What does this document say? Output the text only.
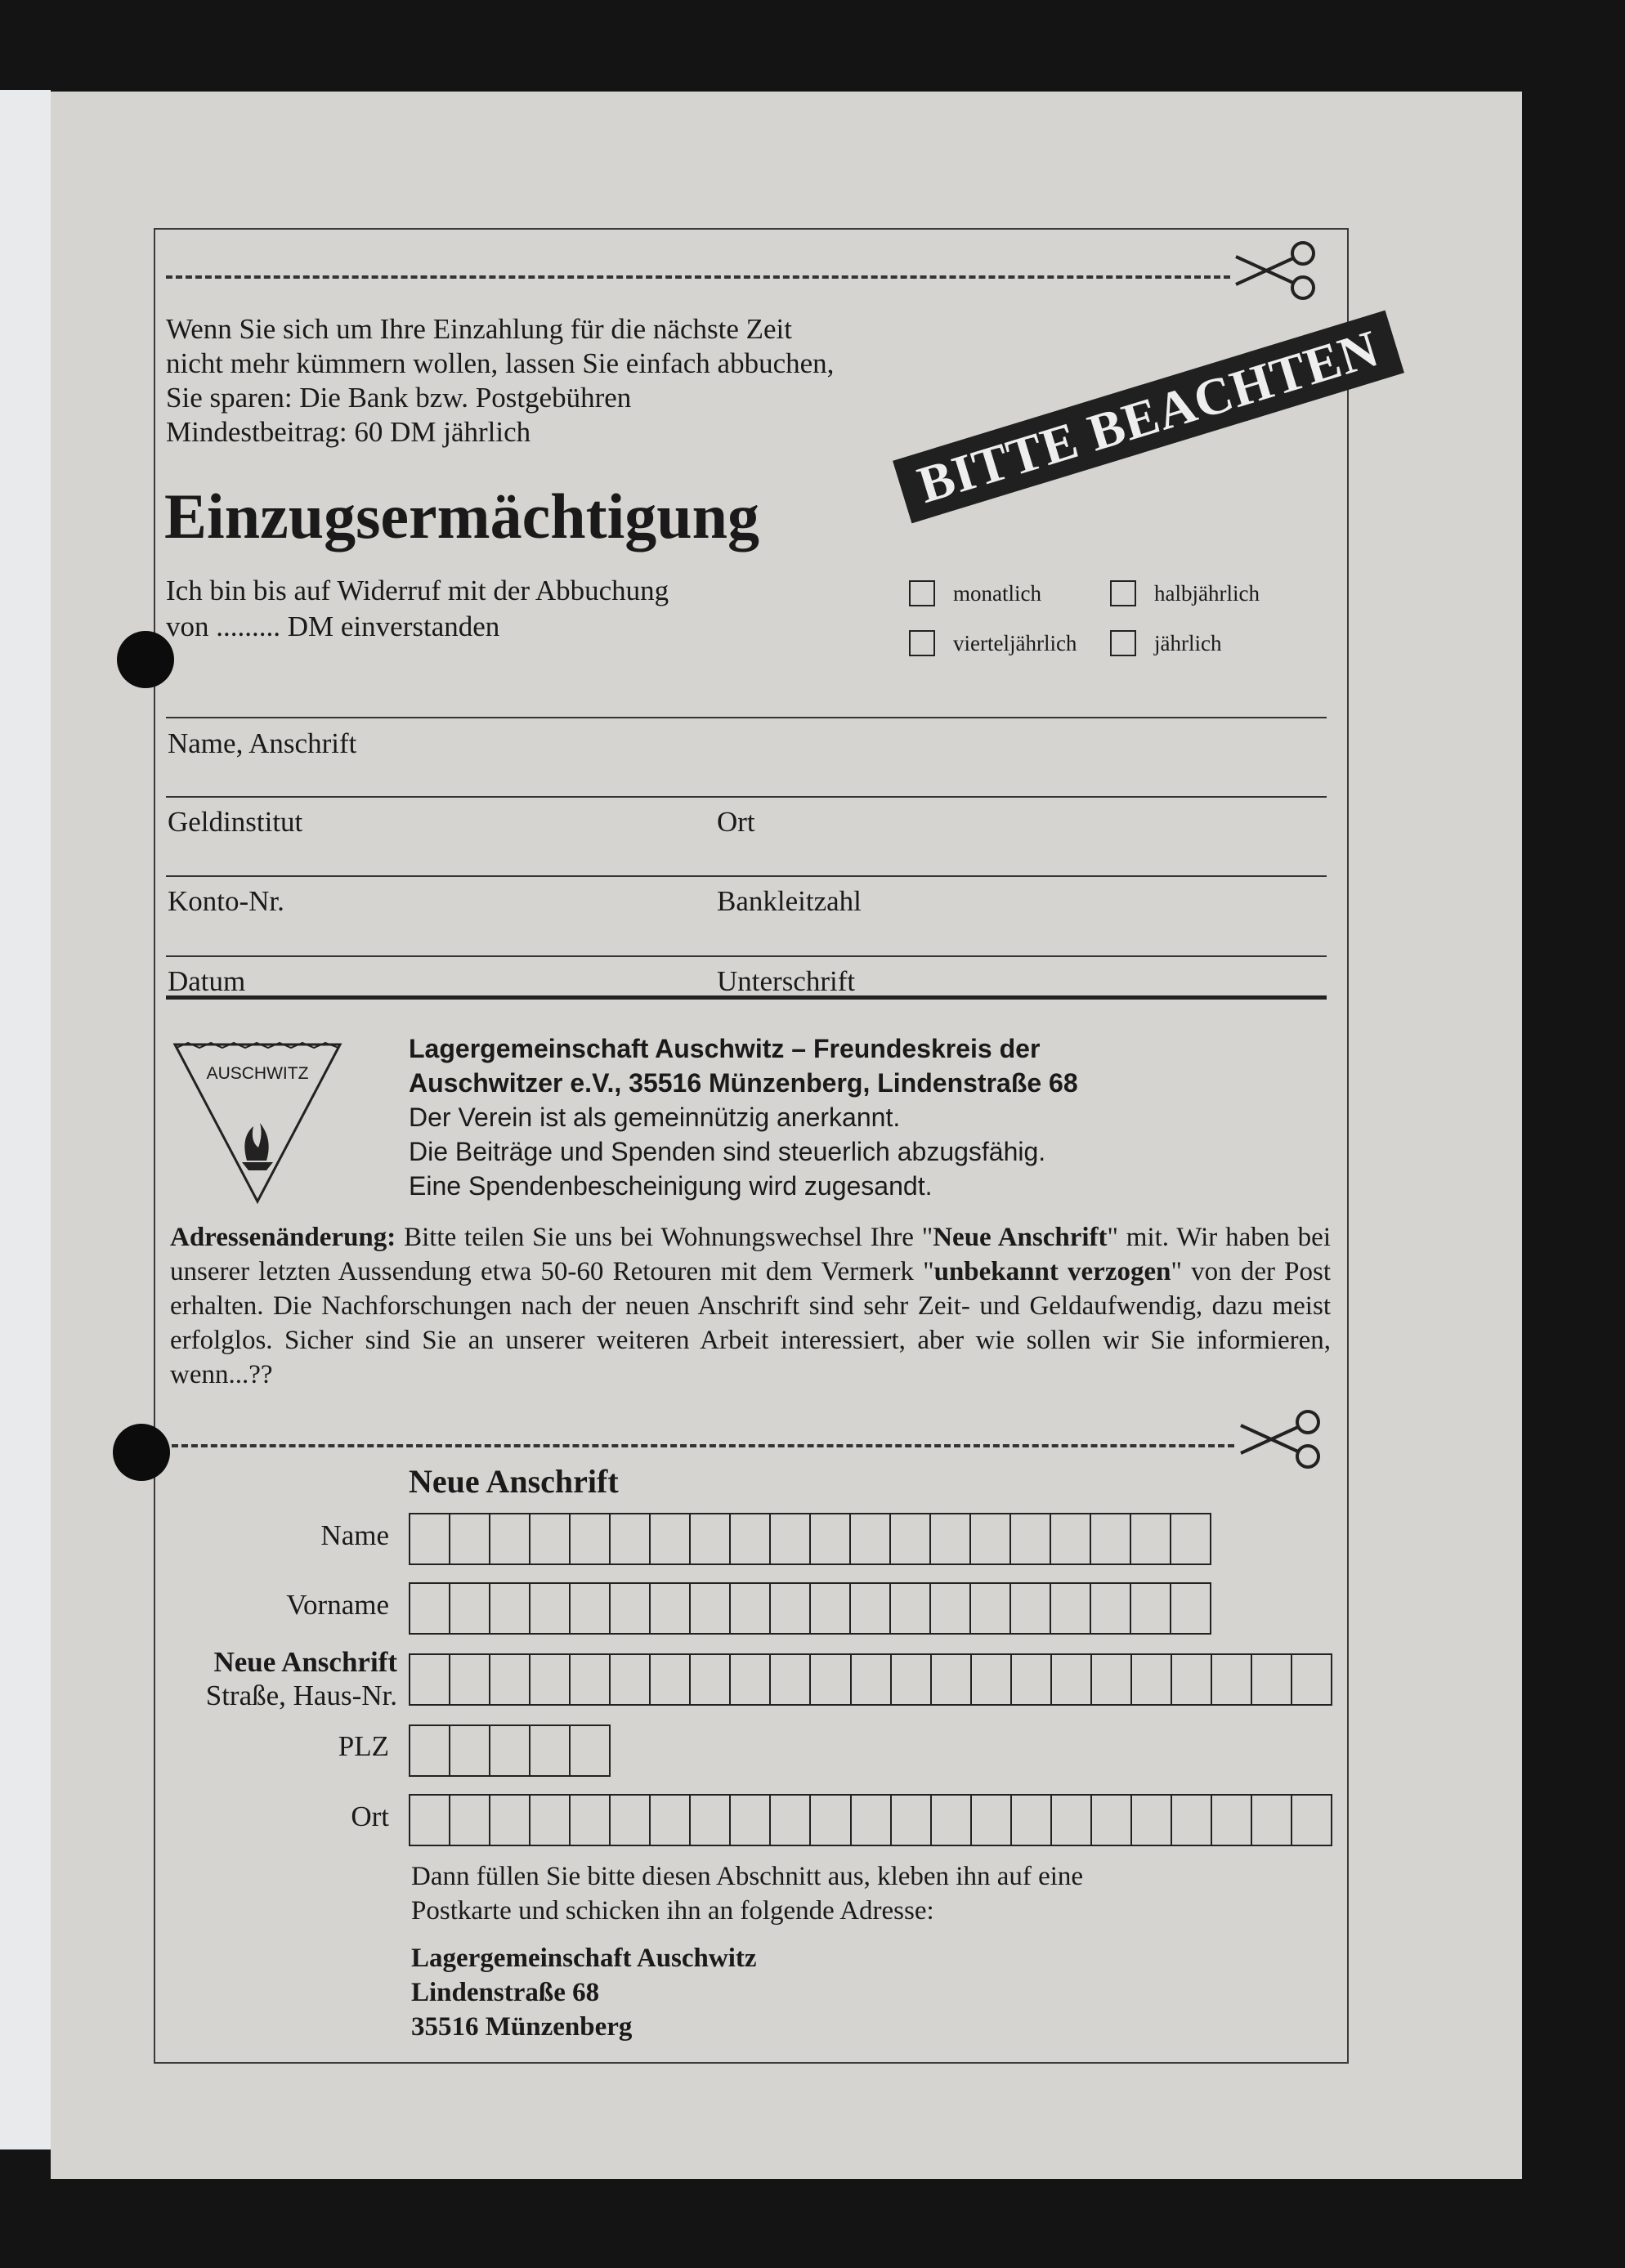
Wenn Sie sich um Ihre Einzahlung für die nächste Zeit
nicht mehr kümmern wollen, lassen Sie einfach abbuchen,
Sie sparen: Die Bank bzw. Postgebühren
Mindestbeitrag: 60 DM jährlich	BITTE BEACHTEN
Einzugsermächtigung
Ich bin bis auf Widerruf mit der Abbuchung
von ......... DM einverstanden
monatlich	halbjährlich
vierteljährlich	jährlich
Name, Anschrift
Geldinstitut	Ort
Konto-Nr.	Bankleitzahl
Datum	Unterschrift
AUSCHWITZ
Lagergemeinschaft Auschwitz – Freundeskreis der
Auschwitzer e.V., 35516 Münzenberg, Lindenstraße 68
Der Verein ist als gemeinnützig anerkannt.
Die Beiträge und Spenden sind steuerlich abzugsfähig.
Eine Spendenbescheinigung wird zugesandt.
Adressenänderung: Bitte teilen Sie uns bei Wohnungswechsel Ihre "Neue Anschrift" mit. Wir haben bei unserer letzten Aussendung etwa 50-60 Retouren mit dem Vermerk "unbekannt verzogen" von der Post erhalten. Die Nachforschungen nach der neuen Anschrift sind sehr Zeit- und Geldaufwendig, dazu meist erfolglos. Sicher sind Sie an unserer weiteren Arbeit interessiert, aber wie sollen wir Sie informieren, wenn...??
Neue Anschrift
Name
Vorname
Neue Anschrift
Straße, Haus-Nr.
PLZ
Ort
Dann füllen Sie bitte diesen Abschnitt aus, kleben ihn auf eine
Postkarte und schicken ihn an folgende Adresse:
Lagergemeinschaft Auschwitz
Lindenstraße 68
35516 Münzenberg
